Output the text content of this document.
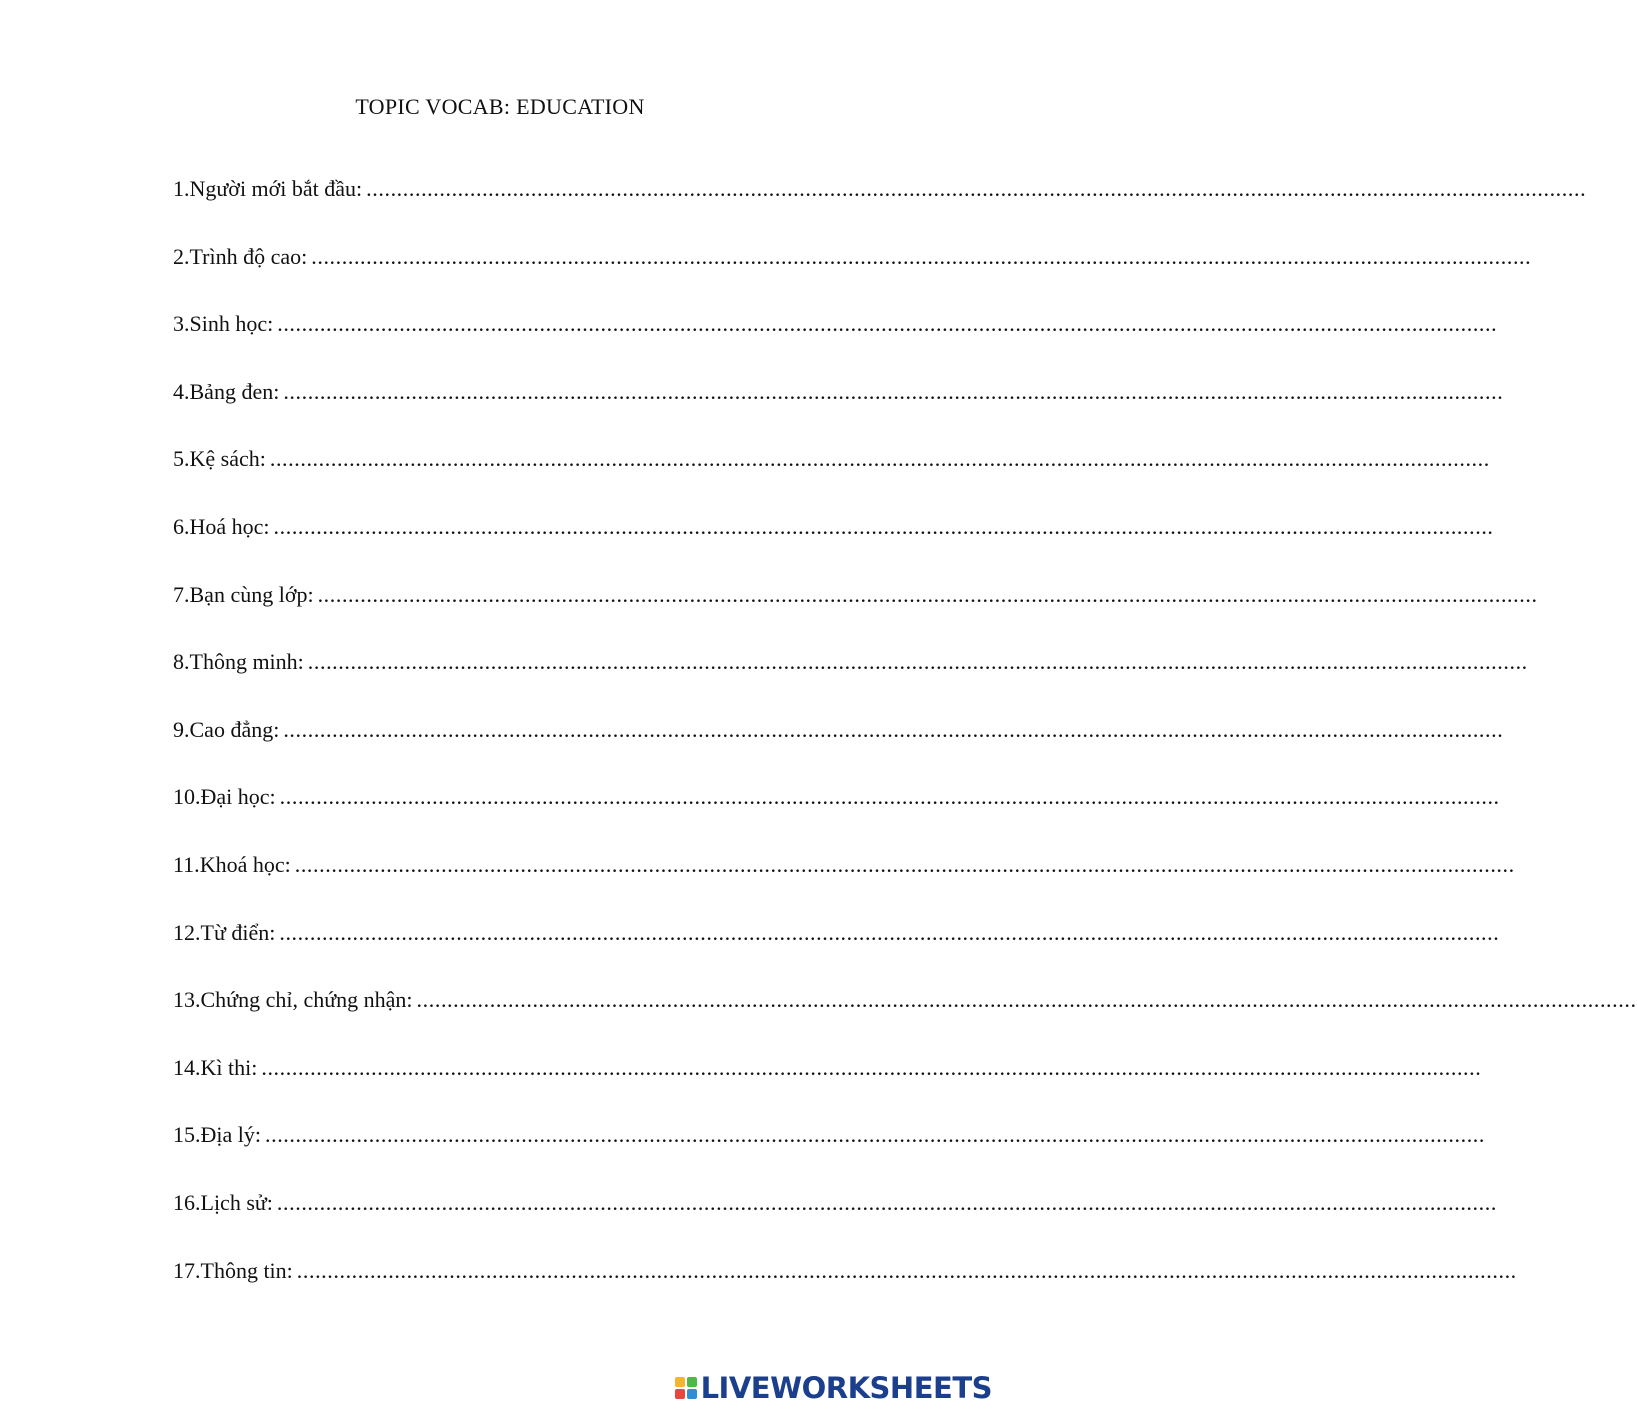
TOPIC VOCAB: EDUCATION
1. Người mới bắt đầu: ........................................................................................................................................................................................................
2. Trình độ cao: ........................................................................................................................................................................................................
3. Sinh học: ........................................................................................................................................................................................................
4. Bảng đen: ........................................................................................................................................................................................................
5. Kệ sách: ........................................................................................................................................................................................................
6. Hoá học: ........................................................................................................................................................................................................
7. Bạn cùng lớp: ........................................................................................................................................................................................................
8. Thông minh: ........................................................................................................................................................................................................
9. Cao đẳng: ........................................................................................................................................................................................................
10. Đại học: ........................................................................................................................................................................................................
11. Khoá học: ........................................................................................................................................................................................................
12. Từ điển: ........................................................................................................................................................................................................
13. Chứng chỉ, chứng nhận: ........................................................................................................................................................................................................
14. Kì thi: ........................................................................................................................................................................................................
15. Địa lý: ........................................................................................................................................................................................................
16. Lịch sử: ........................................................................................................................................................................................................
17. Thông tin: ........................................................................................................................................................................................................
LIVEWORKSHEETS
